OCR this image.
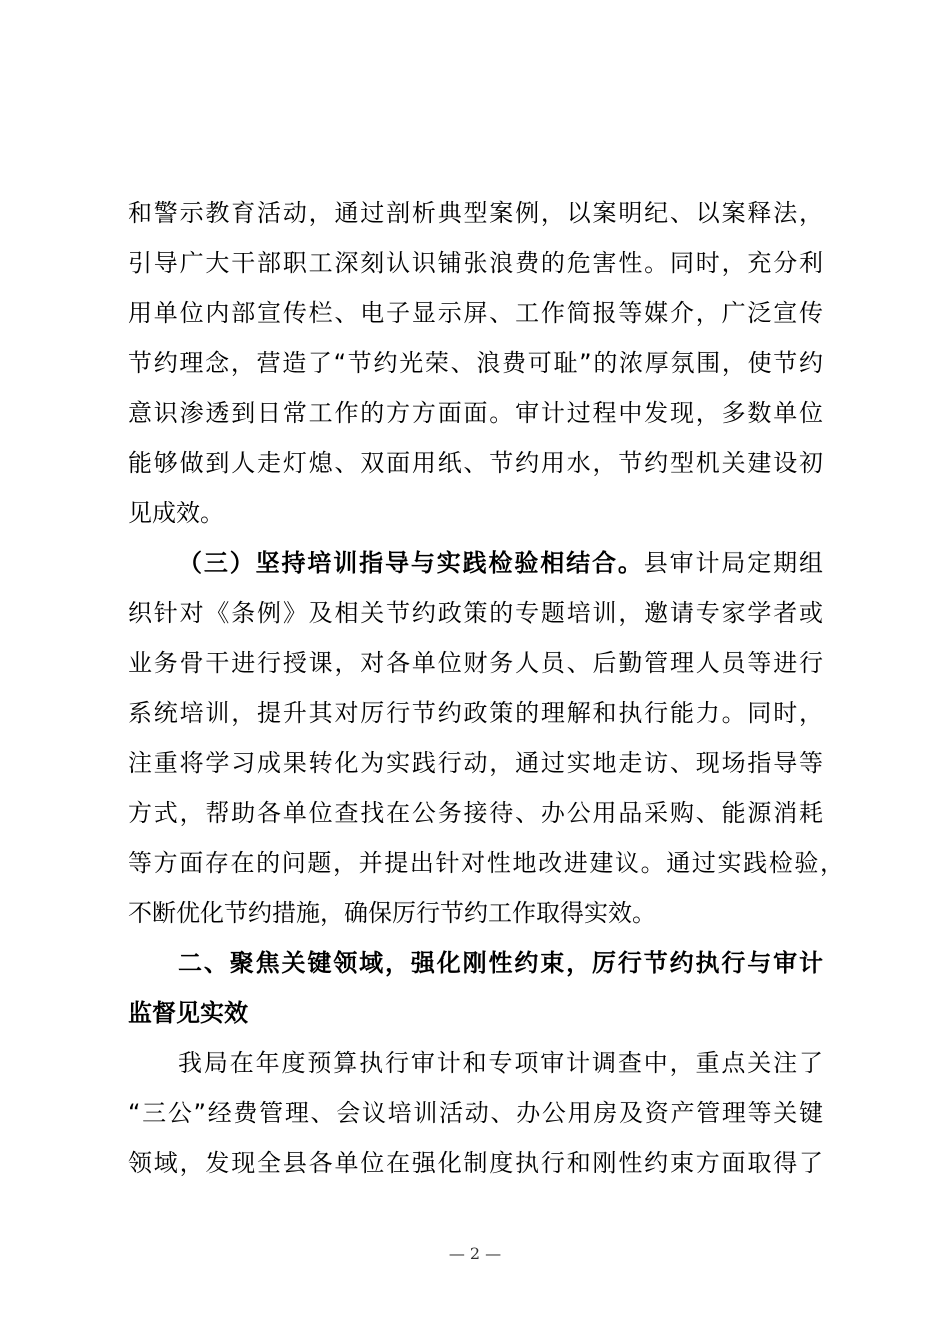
和警示教育活动，通过剖析典型案例，以案明纪、以案释法，
引导广大干部职工深刻认识铺张浪费的危害性。同时，充分利
用单位内部宣传栏、电子显示屏、工作简报等媒介，广泛宣传
节约理念，营造了“节约光荣、浪费可耻”的浓厚氛围，使节约
意识渗透到日常工作的方方面面。审计过程中发现，多数单位
能够做到人走灯熄、双面用纸、节约用水，节约型机关建设初
见成效。
（三）坚持培训指导与实践检验相结合。县审计局定期组
织针对《条例》及相关节约政策的专题培训，邀请专家学者或
业务骨干进行授课，对各单位财务人员、后勤管理人员等进行
系统培训，提升其对厉行节约政策的理解和执行能力。同时，
注重将学习成果转化为实践行动，通过实地走访、现场指导等
方式，帮助各单位查找在公务接待、办公用品采购、能源消耗
等方面存在的问题，并提出针对性地改进建议。通过实践检验，
不断优化节约措施，确保厉行节约工作取得实效。
二、聚焦关键领域，强化刚性约束，厉行节约执行与审计
监督见实效
我局在年度预算执行审计和专项审计调查中，重点关注了
“三公”经费管理、会议培训活动、办公用房及资产管理等关键
领域，发现全县各单位在强化制度执行和刚性约束方面取得了
— 2 —
